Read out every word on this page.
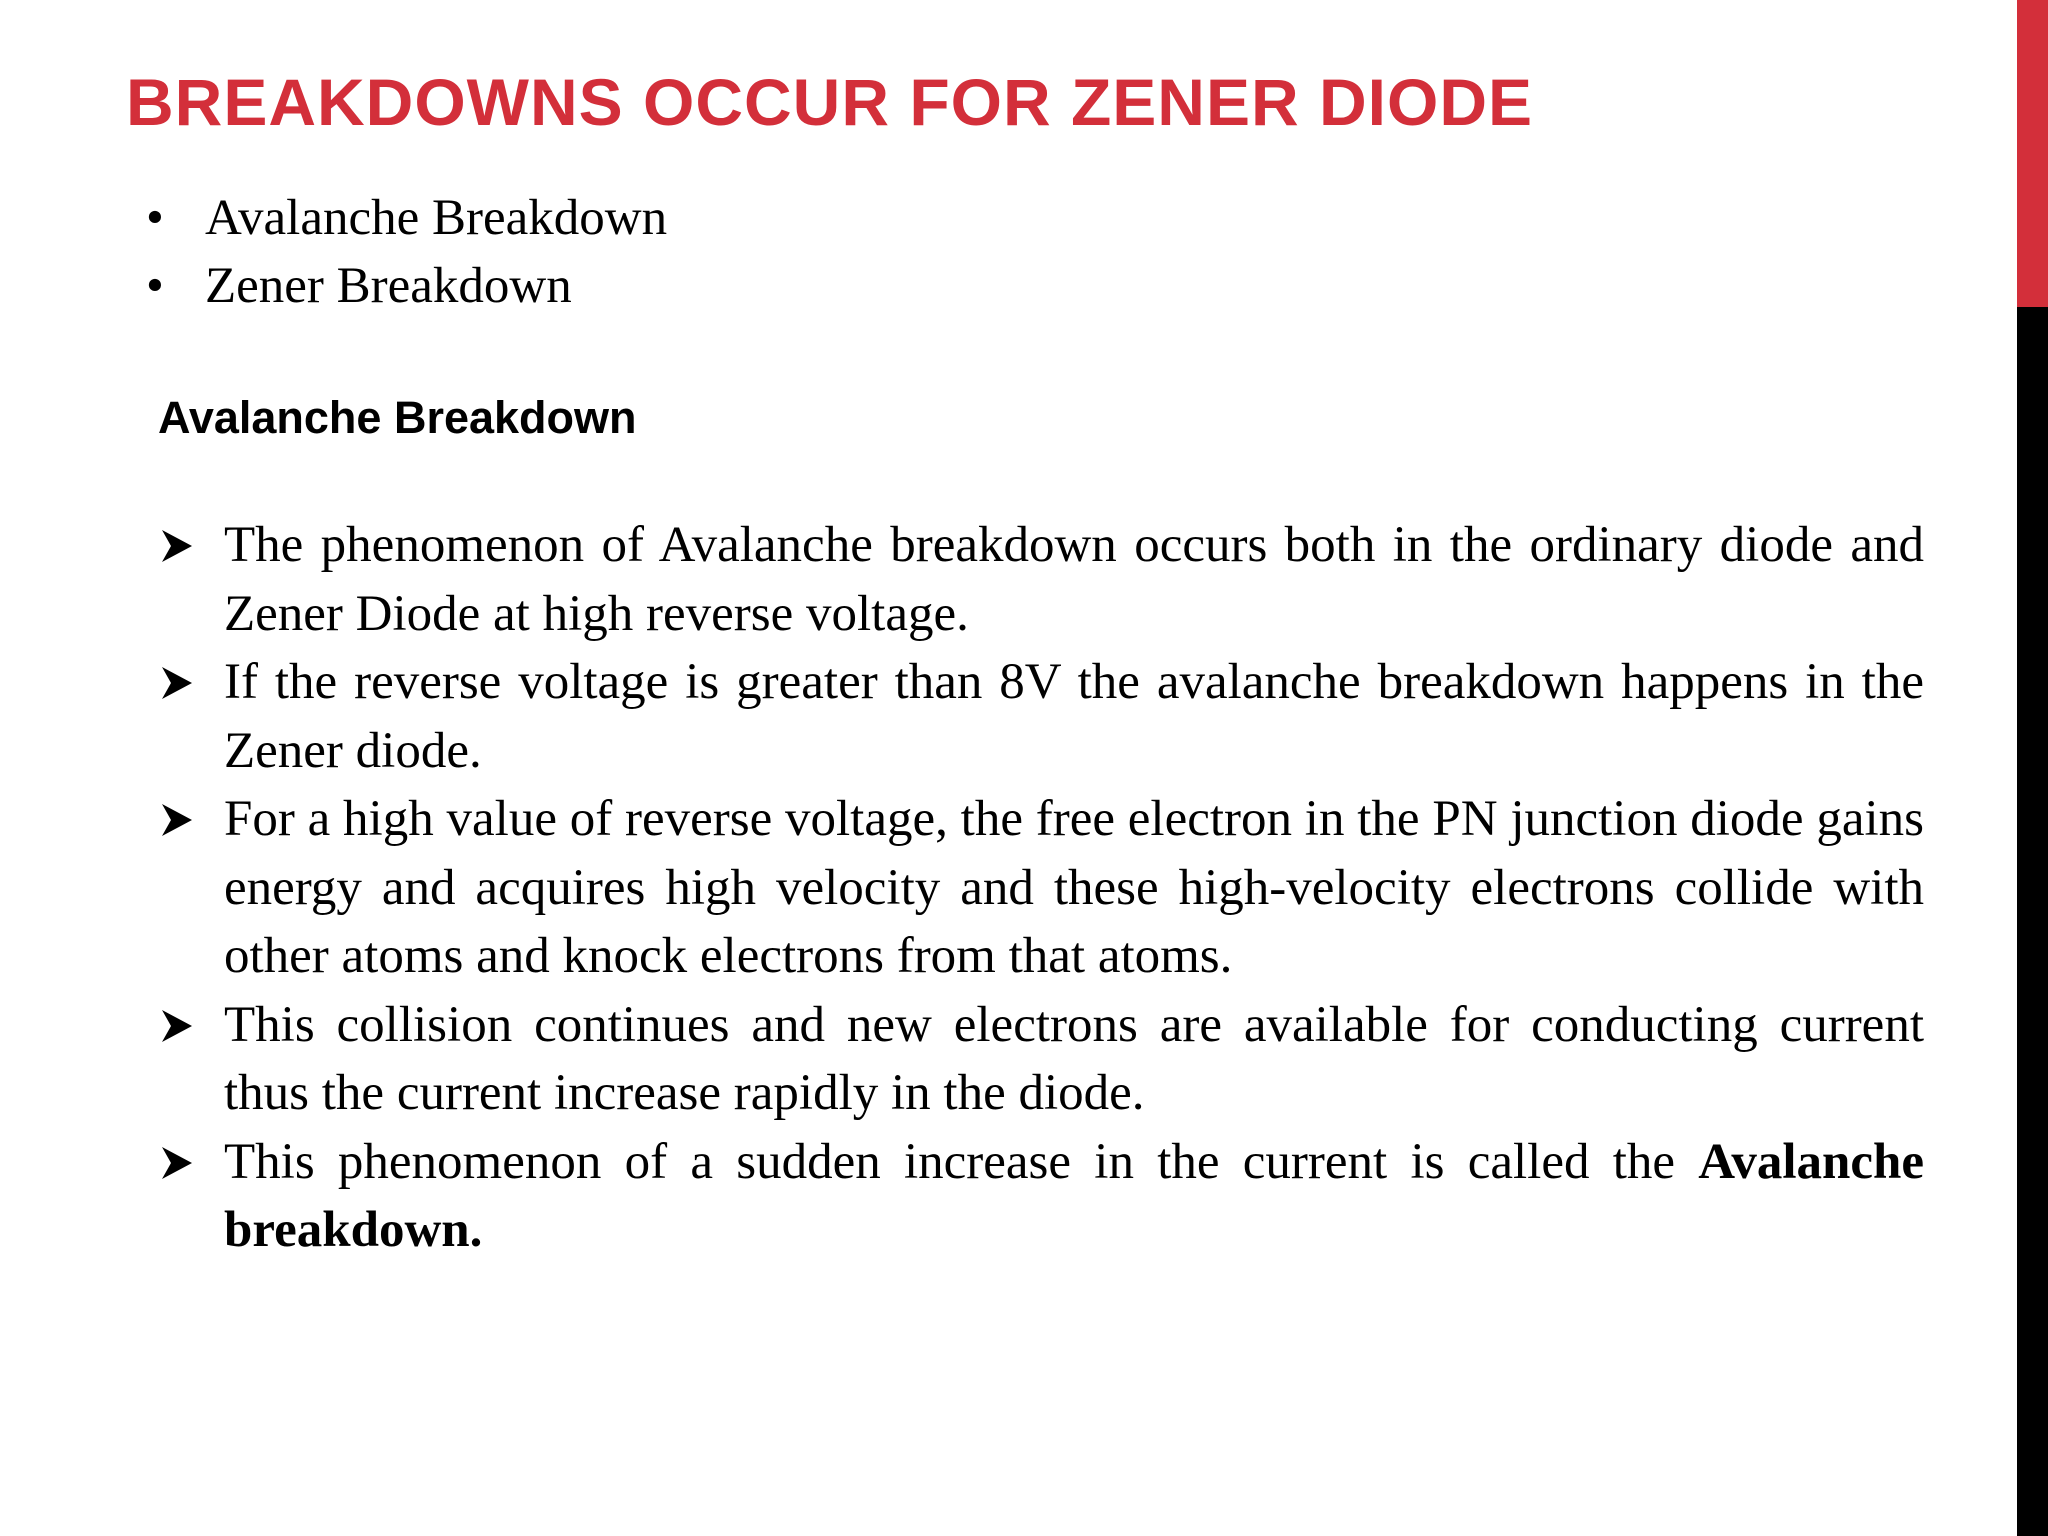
BREAKDOWNS OCCUR FOR ZENER DIODE
• Avalanche Breakdown
• Zener Breakdown
Avalanche Breakdown
The phenomenon of Avalanche breakdown occurs both in the ordinary diode and Zener Diode at high reverse voltage.
If the reverse voltage is greater than 8V the avalanche breakdown happens in the Zener diode.
For a high value of reverse voltage, the free electron in the PN junction diode gains energy and acquires high velocity and these high-velocity electrons collide with other atoms and knock electrons from that atoms.
This collision continues and new electrons are available for conducting current thus the current increase rapidly in the diode.
This phenomenon of a sudden increase in the current is called the Avalanche breakdown.
